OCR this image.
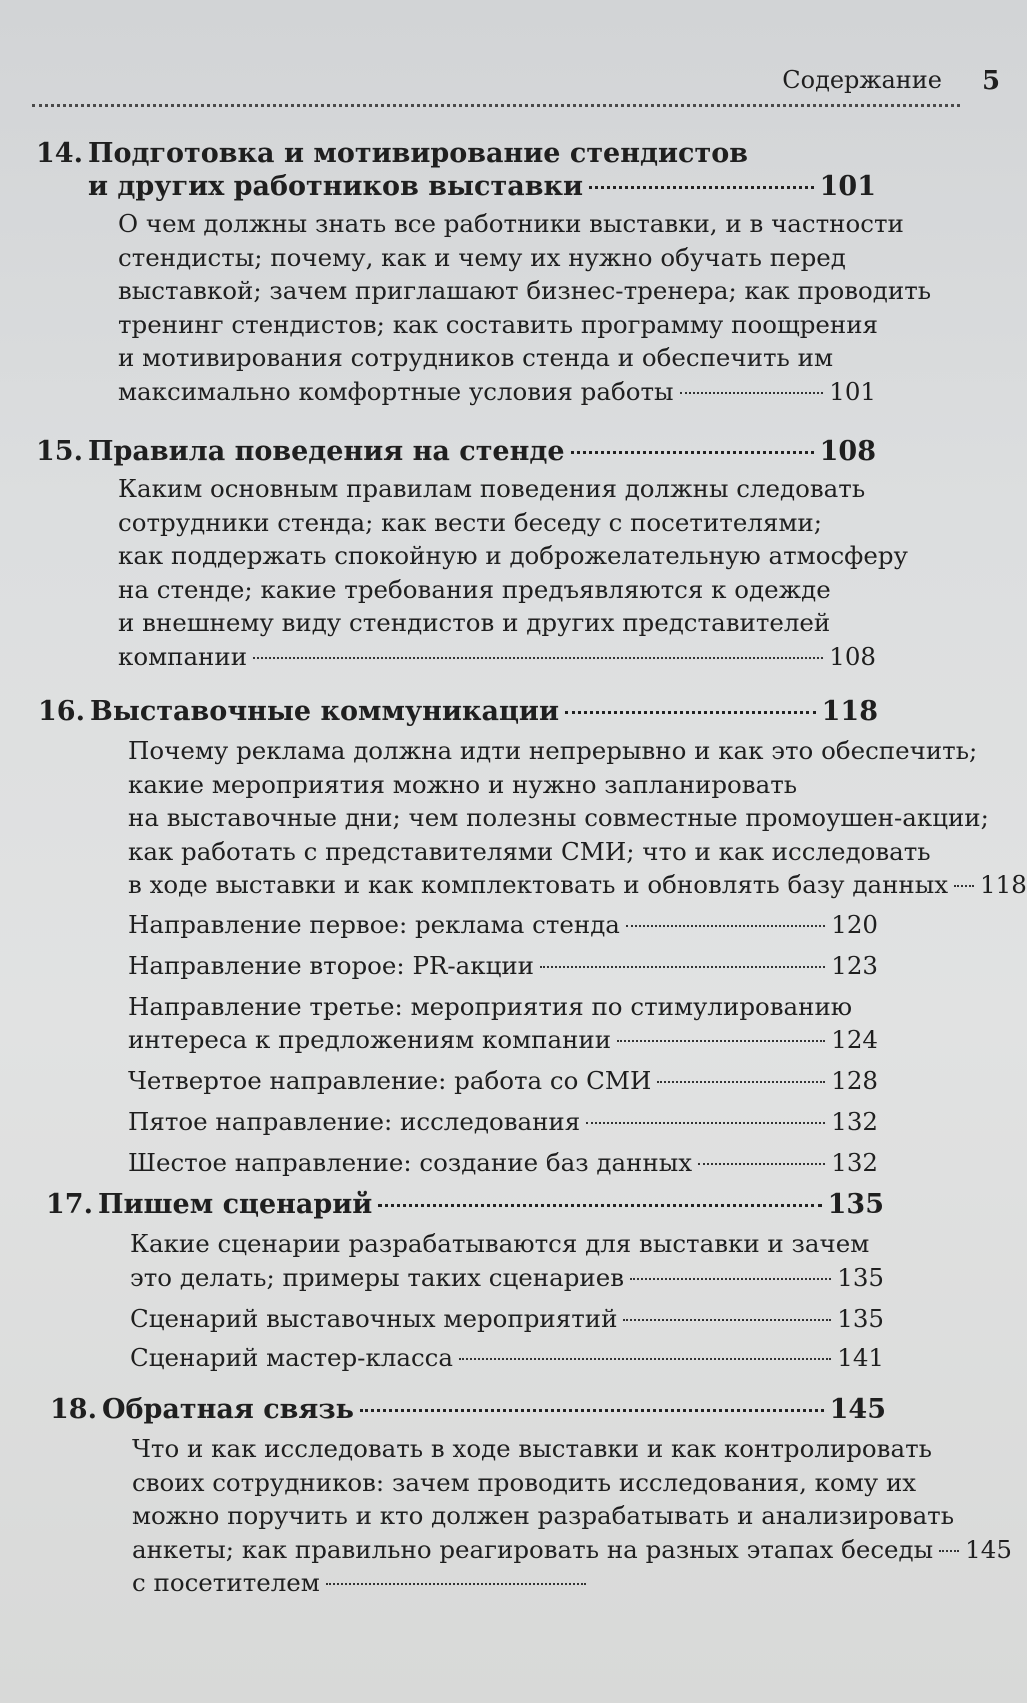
Содержание 5
14. Подготовка и мотивирование стендистов
и других работников выставки	101
О чем должны знать все работники выставки, и в частности
стендисты; почему, как и чему их нужно обучать перед
выставкой; зачем приглашают бизнес-тренера; как проводить
тренинг стендистов; как составить программу поощрения
и мотивирования сотрудников стенда и обеспечить им
максимально комфортные условия работы	101
15. Правила поведения на стенде	108
Каким основным правилам поведения должны следовать
сотрудники стенда; как вести беседу с посетителями;
как поддержать спокойную и доброжелательную атмосферу
на стенде; какие требования предъявляются к одежде
и внешнему виду стендистов и других представителей
компании	108
16. Выставочные коммуникации	118
Почему реклама должна идти непрерывно и как это обеспечить;
какие мероприятия можно и нужно запланировать
на выставочные дни; чем полезны совместные промоушен-акции;
как работать с представителями СМИ; что и как исследовать
в ходе выставки и как комплектовать и обновлять базу данных 118
Направление первое: реклама стенда	120
Направление второе: PR-акции	123
Направление третье: мероприятия по стимулированию
интереса к предложениям компании	124
Четвертое направление: работа со СМИ	128
Пятое направление: исследования	132
Шестое направление: создание баз данных	132
17. Пишем сценарий	135
Какие сценарии разрабатываются для выставки и зачем
это делать; примеры таких сценариев	135
Сценарий выставочных мероприятий	135
Сценарий мастер-класса	141
18. Обратная связь	145
Что и как исследовать в ходе выставки и как контролировать
своих сотрудников: зачем проводить исследования, кому их
можно поручить и кто должен разрабатывать и анализировать
анкеты; как правильно реагировать на разных этапах беседы 145
с посетителем
